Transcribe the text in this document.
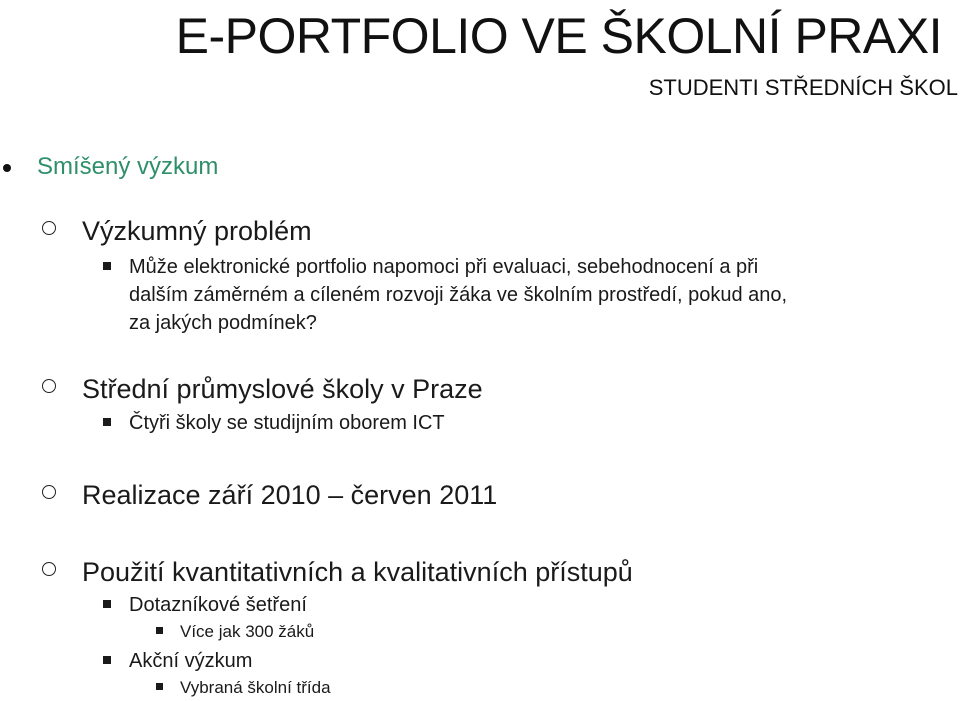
E-PORTFOLIO VE ŠKOLNÍ PRAXI
STUDENTI STŘEDNÍCH ŠKOL
Smíšený výzkum
Výzkumný problém
Může elektronické portfolio napomoci při evaluaci, sebehodnocení a při dalším záměrném a cíleném rozvoji žáka ve školním prostředí, pokud ano, za jakých podmínek?
Střední průmyslové školy v Praze
Čtyři školy se studijním oborem ICT
Realizace září 2010 – červen 2011
Použití kvantitativních a kvalitativních přístupů
Dotazníkové šetření
Více jak 300 žáků
Akční výzkum
Vybraná školní třída
